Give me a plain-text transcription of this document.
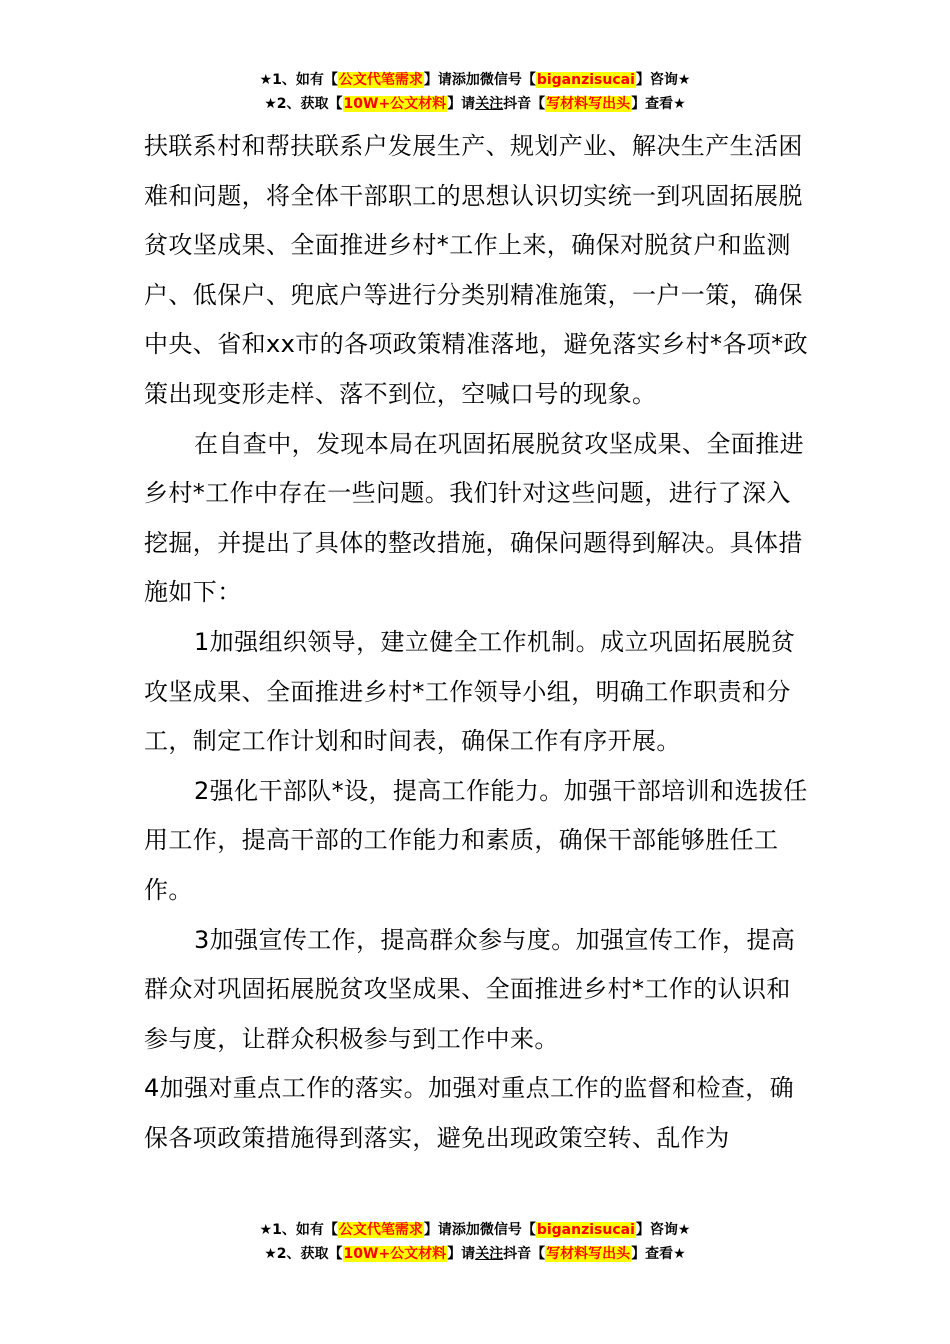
★1、如有【公文代笔需求】请添加微信号【biganzisucai】咨询★
★2、获取【10W+公文材料】请关注抖音【写材料写出头】查看★

扶联系村和帮扶联系户发展生产、规划产业、解决生产生活困难和问题，将全体干部职工的思想认识切实统一到巩固拓展脱贫攻坚成果、全面推进乡村*工作上来，确保对脱贫户和监测户、低保户、兜底户等进行分类别精准施策，一户一策，确保中央、省和xx市的各项政策精准落地，避免落实乡村*各项*政策出现变形走样、落不到位，空喊口号的现象。

在自查中，发现本局在巩固拓展脱贫攻坚成果、全面推进乡村*工作中存在一些问题。我们针对这些问题，进行了深入挖掘，并提出了具体的整改措施，确保问题得到解决。具体措施如下：

1加强组织领导，建立健全工作机制。成立巩固拓展脱贫攻坚成果、全面推进乡村*工作领导小组，明确工作职责和分工，制定工作计划和时间表，确保工作有序开展。

2强化干部队*设，提高工作能力。加强干部培训和选拔任用工作，提高干部的工作能力和素质，确保干部能够胜任工作。

3加强宣传工作，提高群众参与度。加强宣传工作，提高群众对巩固拓展脱贫攻坚成果、全面推进乡村*工作的认识和参与度，让群众积极参与到工作中来。

4加强对重点工作的落实。加强对重点工作的监督和检查，确保各项政策措施得到落实，避免出现政策空转、乱作为

★1、如有【公文代笔需求】请添加微信号【biganzisucai】咨询★
★2、获取【10W+公文材料】请关注抖音【写材料写出头】查看★
